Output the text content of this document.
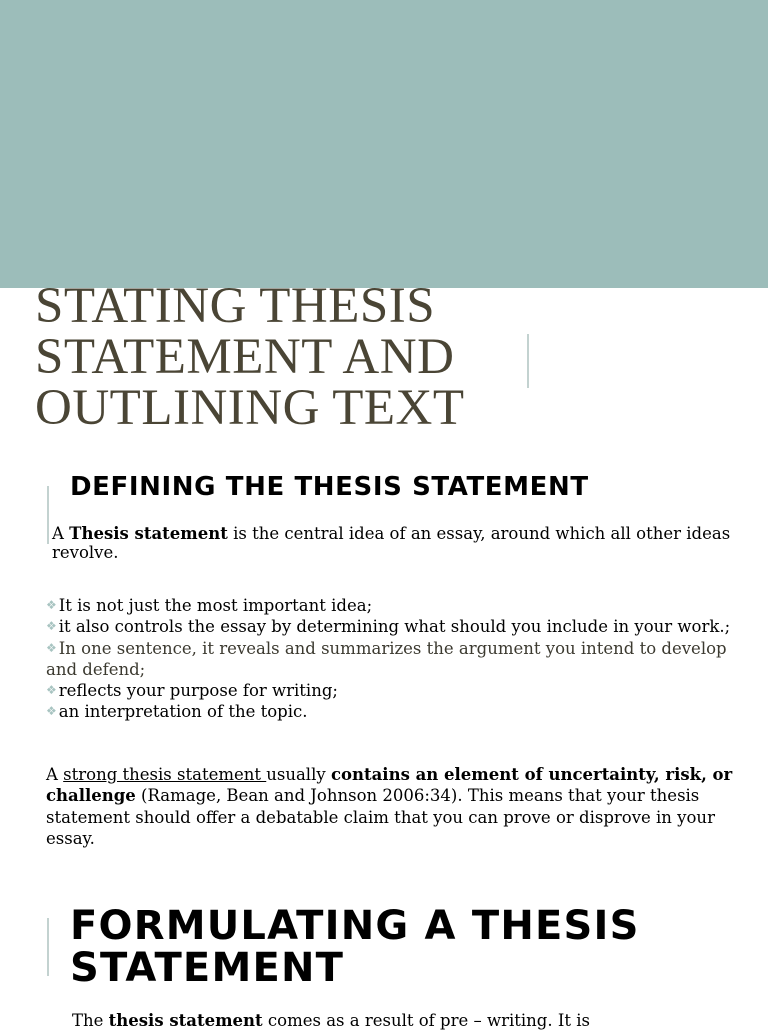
STATING THESIS
STATEMENT AND
OUTLINING TEXT
DEFINING THE THESIS STATEMENT

A Thesis statement is the central idea of an essay, around which all other ideas revolve.

❖ It is not just the most important idea;
❖ it also controls the essay by determining what should you include in your work.;
❖ In one sentence, it reveals and summarizes the argument you intend to develop and defend;
❖ reflects your purpose for writing;
❖ an interpretation of the topic.

A strong thesis statement usually contains an element of uncertainty, risk, or challenge (Ramage, Bean and Johnson 2006:34). This means that your thesis statement should offer a debatable claim that you can prove or disprove in your essay.

FORMULATING A THESIS
STATEMENT

The thesis statement comes as a result of pre – writing. It is
